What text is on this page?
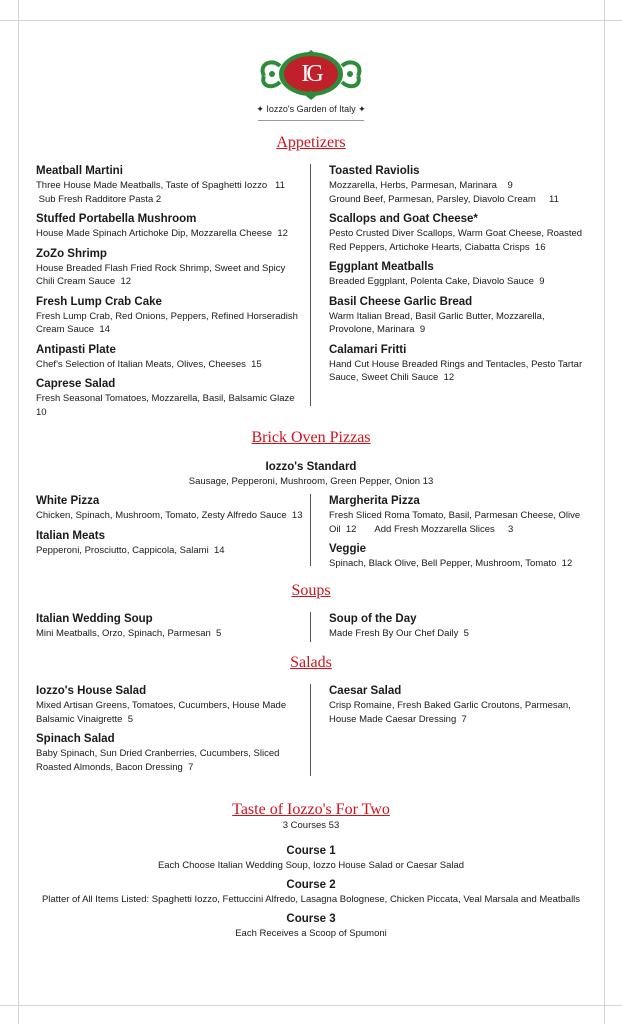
IG
✦ Iozzo's Garden of Italy ✦
Appetizers
Meatball Martini
Three House Made Meatballs, Taste of Spaghetti Iozzo   11
Sub Fresh Radditore Pasta 2
Stuffed Portabella Mushroom
House Made Spinach Artichoke Dip, Mozzarella Cheese  12
ZoZo Shrimp
House Breaded Flash Fried Rock Shrimp, Sweet and Spicy
Chili Cream Sauce  12
Fresh Lump Crab Cake
Fresh Lump Crab, Red Onions, Peppers, Refined Horseradish
Cream Sauce  14
Antipasti Plate
Chef's Selection of Italian Meats, Olives, Cheeses  15
Caprese Salad
Fresh Seasonal Tomatoes, Mozzarella, Basil, Balsamic Glaze
10
Toasted Raviolis
Mozzarella, Herbs, Parmesan, Marinara    9
Ground Beef, Parmesan, Parsley, Diavolo Cream     11
Scallops and Goat Cheese*
Pesto Crusted Diver Scallops, Warm Goat Cheese, Roasted
Red Peppers, Artichoke Hearts, Ciabatta Crisps  16
Eggplant Meatballs
Breaded Eggplant, Polenta Cake, Diavolo Sauce  9
Basil Cheese Garlic Bread
Warm Italian Bread, Basil Garlic Butter, Mozzarella,
Provolone, Marinara  9
Calamari Fritti
Hand Cut House Breaded Rings and Tentacles, Pesto Tartar
Sauce, Sweet Chili Sauce  12
Brick Oven Pizzas
Iozzo's Standard
Sausage, Pepperoni, Mushroom, Green Pepper, Onion 13
White Pizza
Chicken, Spinach, Mushroom, Tomato, Zesty Alfredo Sauce  13
Italian Meats
Pepperoni, Prosciutto, Cappicola, Salami  14
Margherita Pizza
Fresh Sliced Roma Tomato, Basil, Parmesan Cheese, Olive
Oil  12       Add Fresh Mozzarella Slices     3
Veggie
Spinach, Black Olive, Bell Pepper, Mushroom, Tomato  12
Soups
Italian Wedding Soup
Mini Meatballs, Orzo, Spinach, Parmesan  5
Soup of the Day
Made Fresh By Our Chef Daily  5
Salads
Iozzo's House Salad
Mixed Artisan Greens, Tomatoes, Cucumbers, House Made
Balsamic Vinaigrette  5
Spinach Salad
Baby Spinach, Sun Dried Cranberries, Cucumbers, Sliced
Roasted Almonds, Bacon Dressing  7
Caesar Salad
Crisp Romaine, Fresh Baked Garlic Croutons, Parmesan,
House Made Caesar Dressing  7
Taste of Iozzo's For Two
3 Courses 53
Course 1
Each Choose Italian Wedding Soup, Iozzo House Salad or Caesar Salad
Course 2
Platter of All Items Listed: Spaghetti Iozzo, Fettuccini Alfredo, Lasagna Bolognese, Chicken Piccata, Veal Marsala and Meatballs
Course 3
Each Receives a Scoop of Spumoni
